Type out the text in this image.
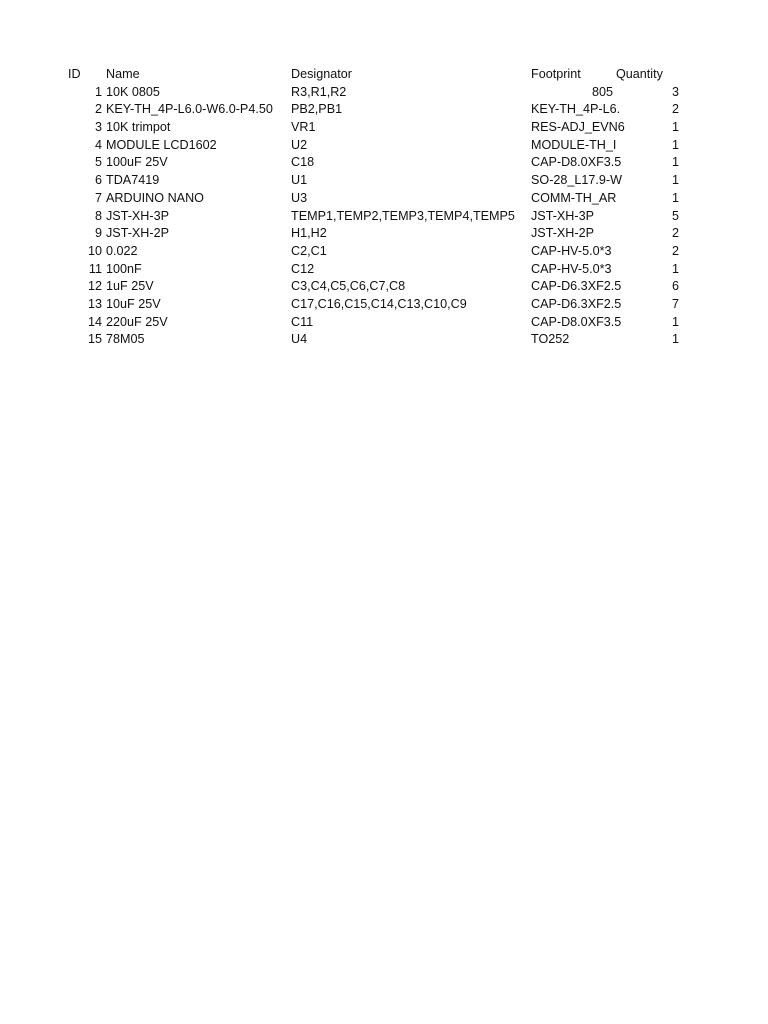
ID	Name	Designator	Footprint	Quantity
1 10K 0805	R3,R1,R2	805	3
2 KEY-TH_4P-L6.0-W6.0-P4.50	PB2,PB1	KEY-TH_4P-L6.	2
3 10K trimpot	VR1	RES-ADJ_EVN6	1
4 MODULE LCD1602	U2	MODULE-TH_I	1
5 100uF 25V	C18	CAP-D8.0XF3.5	1
6 TDA7419	U1	SO-28_L17.9-W	1
7 ARDUINO NANO	U3	COMM-TH_AR	1
8 JST-XH-3P	TEMP1,TEMP2,TEMP3,TEMP4,TEMP5	JST-XH-3P	5
9 JST-XH-2P	H1,H2	JST-XH-2P	2
10 0.022	C2,C1	CAP-HV-5.0*3	2
11 100nF	C12	CAP-HV-5.0*3	1
12 1uF 25V	C3,C4,C5,C6,C7,C8	CAP-D6.3XF2.5	6
13 10uF 25V	C17,C16,C15,C14,C13,C10,C9	CAP-D6.3XF2.5	7
14 220uF 25V	C11	CAP-D8.0XF3.5	1
15 78M05	U4	TO252	1
